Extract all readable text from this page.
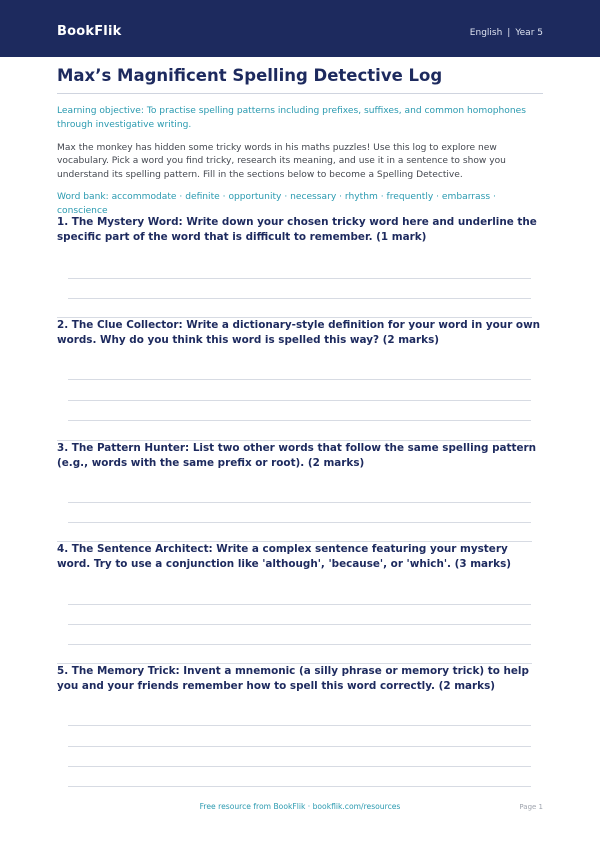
BookFlik	English | Year 5
Max’s Magnificent Spelling Detective Log

Learning objective: To practise spelling patterns including prefixes, suffixes, and common homophones through investigative writing.

Max the monkey has hidden some tricky words in his maths puzzles! Use this log to explore new vocabulary. Pick a word you find tricky, research its meaning, and use it in a sentence to show you understand its spelling pattern. Fill in the sections below to become a Spelling Detective.

Word bank: accommodate · definite · opportunity · necessary · rhythm · frequently · embarrass · conscience

1. The Mystery Word: Write down your chosen tricky word here and underline the specific part of the word that is difficult to remember. (1 mark)
2. The Clue Collector: Write a dictionary-style definition for your word in your own words. Why do you think this word is spelled this way? (2 marks)
3. The Pattern Hunter: List two other words that follow the same spelling pattern (e.g., words with the same prefix or root). (2 marks)
4. The Sentence Architect: Write a complex sentence featuring your mystery word. Try to use a conjunction like 'although', 'because', or 'which'. (3 marks)
5. The Memory Trick: Invent a mnemonic (a silly phrase or memory trick) to help you and your friends remember how to spell this word correctly. (2 marks)
Free resource from BookFlik · bookflik.com/resources	Page 1
